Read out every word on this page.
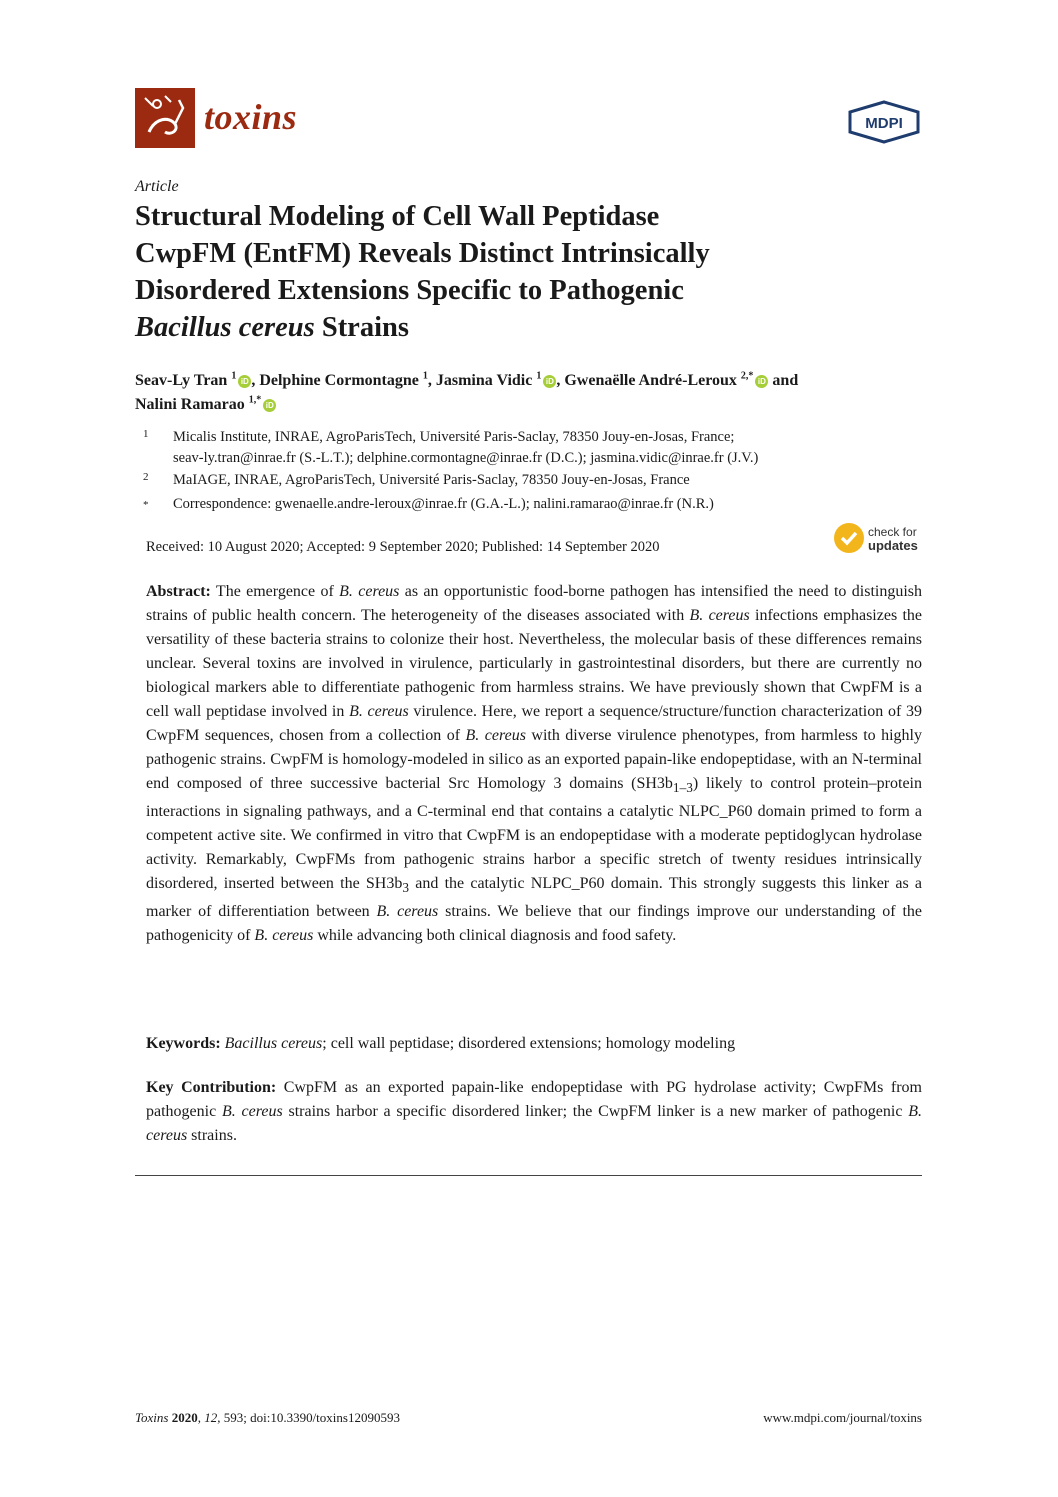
toxins	MDPI
Article
Structural Modeling of Cell Wall Peptidase
CwpFM (EntFM) Reveals Distinct Intrinsically
Disordered Extensions Specific to Pathogenic
Bacillus cereus Strains
Seav-Ly Tran $^1$ iD , Delphine Cormontagne $^1$, Jasmina Vidic $^1$ iD , Gwenaëlle André-Leroux $^{2,*}$ iD and
Nalini Ramarao $^{1,*}$ iD
1 Micalis Institute, INRAE, AgroParisTech, Université Paris-Saclay, 78350 Jouy-en-Josas, France;
seav-ly.tran@inrae.fr (S.-L.T.); delphine.cormontagne@inrae.fr (D.C.); jasmina.vidic@inrae.fr (J.V.)
2 MaIAGE, INRAE, AgroParisTech, Université Paris-Saclay, 78350 Jouy-en-Josas, France
* Correspondence: gwenaelle.andre-leroux@inrae.fr (G.A.-L.); nalini.ramarao@inrae.fr (N.R.)
Received: 10 August 2020; Accepted: 9 September 2020; Published: 14 September 2020
check for
updates
Abstract: The emergence of B. cereus as an opportunistic food-borne pathogen has intensified the need to distinguish strains of public health concern. The heterogeneity of the diseases associated with B. cereus infections emphasizes the versatility of these bacteria strains to colonize their host. Nevertheless, the molecular basis of these differences remains unclear. Several toxins are involved in virulence, particularly in gastrointestinal disorders, but there are currently no biological markers able to differentiate pathogenic from harmless strains. We have previously shown that CwpFM is a cell wall peptidase involved in B. cereus virulence. Here, we report a sequence/structure/function characterization of 39 CwpFM sequences, chosen from a collection of B. cereus with diverse virulence phenotypes, from harmless to highly pathogenic strains. CwpFM is homology-modeled in silico as an exported papain-like endopeptidase, with an N-terminal end composed of three successive bacterial Src Homology 3 domains $(SH3b_{1-3})$ likely to control protein–protein interactions in signaling pathways, and a C-terminal end that contains a catalytic NLPC_P60 domain primed to form a competent active site. We confirmed in vitro that CwpFM is an endopeptidase with a moderate peptidoglycan hydrolase activity. Remarkably, CwpFMs from pathogenic strains harbor a specific stretch of twenty residues intrinsically disordered, inserted between the $SH3b_3$ and the catalytic NLPC_P60 domain. This strongly suggests this linker as a marker of differentiation between B. cereus strains. We believe that our findings improve our understanding of the pathogenicity of B. cereus while advancing both clinical diagnosis and food safety.
Keywords: Bacillus cereus; cell wall peptidase; disordered extensions; homology modeling
Key Contribution: CwpFM as an exported papain-like endopeptidase with PG hydrolase activity; CwpFMs from pathogenic B. cereus strains harbor a specific disordered linker; the CwpFM linker is a new marker of pathogenic B. cereus strains.
Toxins 2020, 12, 593; doi:10.3390/toxins12090593	www.mdpi.com/journal/toxins
